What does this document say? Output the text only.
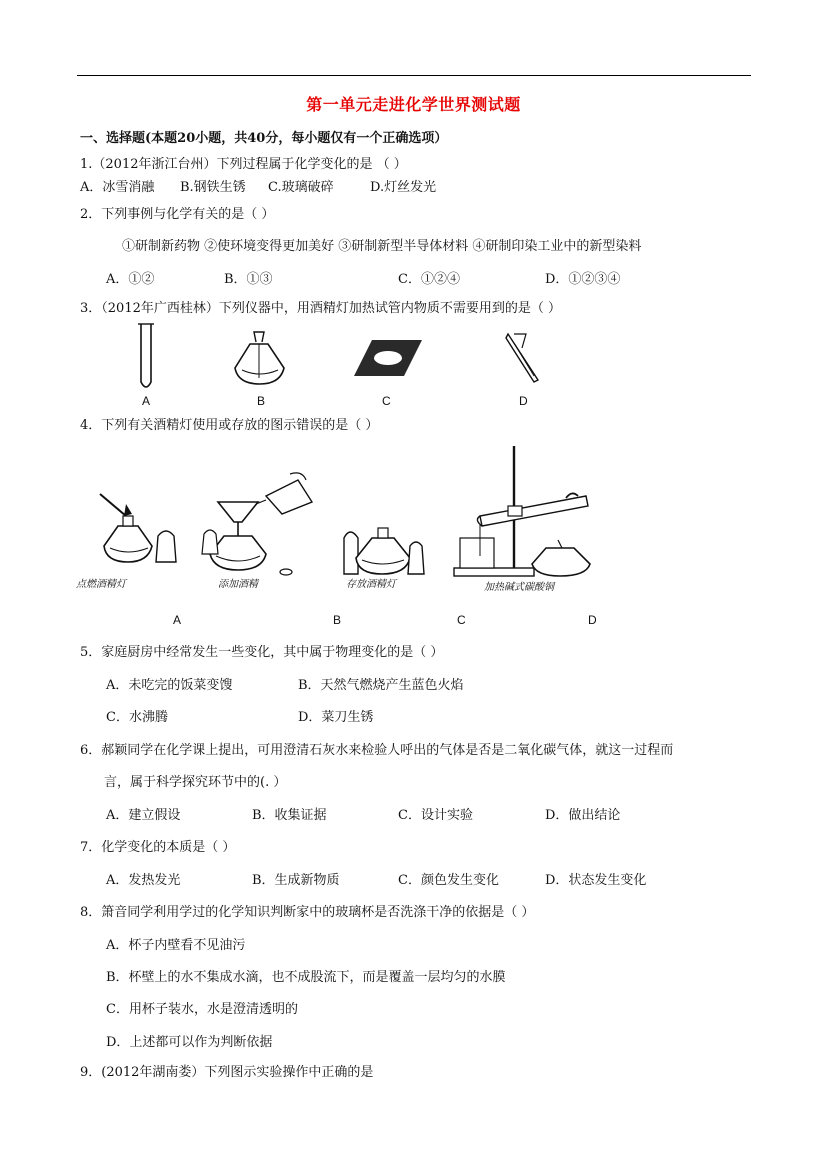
第一单元走进化学世界测试题
一、选择题(本题20小题，共40分，每小题仅有一个正确选项）
1.（2012年浙江台州）下列过程属于化学变化的是 （ ）
A．冰雪消融 B.钢铁生锈 C.玻璃破碎	D.灯丝发光
2．下列事例与化学有关的是（ ）
①研制新药物 ②使环境变得更加美好 ③研制新型半导体材料 ④研制印染工业中的新型染料
A．①②	B．①③	C．①②④	D．①②③④
3．（2012年广西桂林）下列仪器中，用酒精灯加热试管内物质不需要用到的是（ ）
A	B	C	D
4．下列有关酒精灯使用或存放的图示错误的是（ ）
点燃酒精灯	添加酒精	存放酒精灯	加热碱式碳酸铜
A	B	C	D
5．家庭厨房中经常发生一些变化，其中属于物理变化的是（ ）
A．未吃完的饭菜变馊	B．天然气燃烧产生蓝色火焰
C．水沸腾	D．菜刀生锈
6．郝颖同学在化学课上提出，可用澄清石灰水来检验人呼出的气体是否是二氧化碳气体，就这一过程而
言，属于科学探究环节中的(. ）
A．建立假设	B．收集证据	C．设计实验	D．做出结论
7．化学变化的本质是（ ）
A．发热发光	B．生成新物质	C．颜色发生变化	D．状态发生变化
8．箫音同学利用学过的化学知识判断家中的玻璃杯是否洗涤干净的依据是（ ）
A．杯子内壁看不见油污
B．杯壁上的水不集成水滴，也不成股流下，而是覆盖一层均匀的水膜
C．用杯子装水，水是澄清透明的
D．上述都可以作为判断依据
9．(2012年湖南娄）下列图示实验操作中正确的是
